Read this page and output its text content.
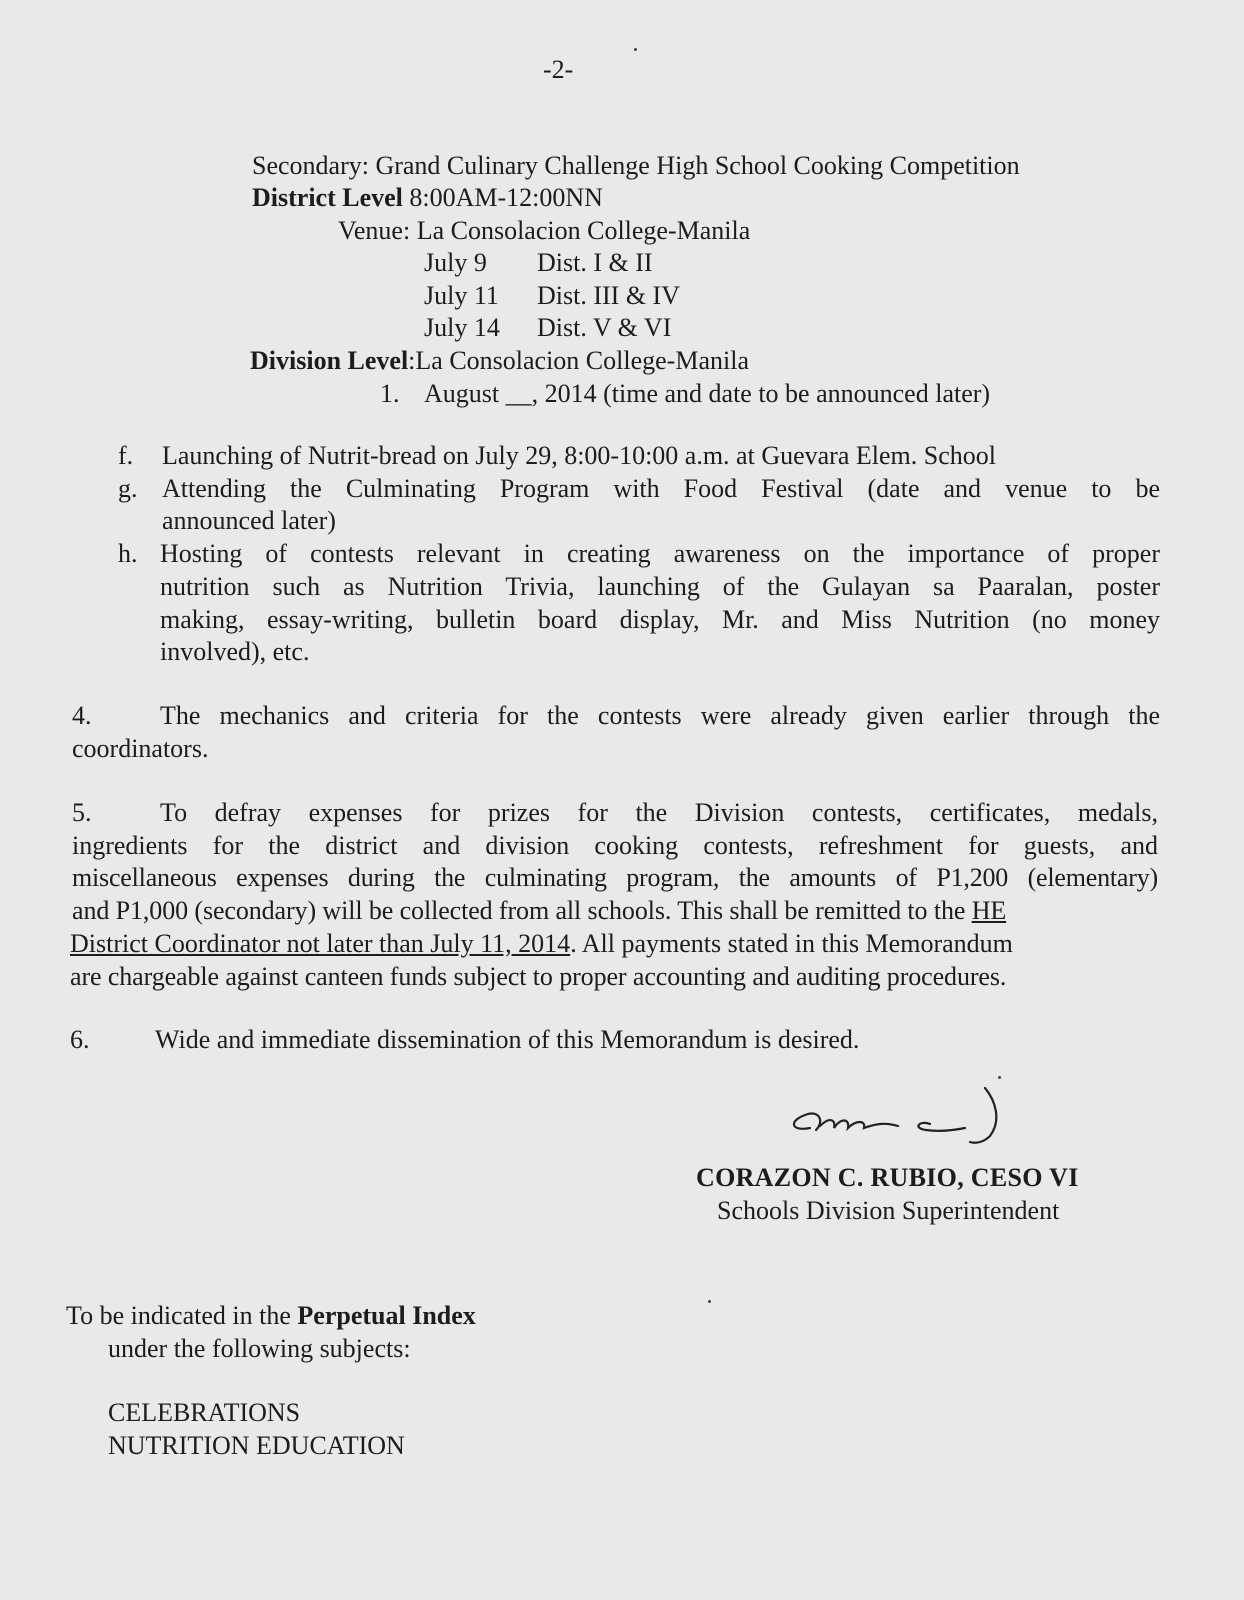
-2-
Secondary: Grand Culinary Challenge High School Cooking Competition
District Level 8:00AM-12:00NN
Venue: La Consolacion College-Manila
July 9 Dist. I & II
July 11 Dist. III & IV
July 14 Dist. V & VI
Division Level:La Consolacion College-Manila
1. August __, 2014 (time and date to be announced later)
f. Launching of Nutrit-bread on July 29, 8:00-10:00 a.m. at Guevara Elem. School
g. Attending the Culminating Program with Food Festival (date and venue to be
announced later)
h. Hosting of contests relevant in creating awareness on the importance of proper
nutrition such as Nutrition Trivia, launching of the Gulayan sa Paaralan, poster
making, essay-writing, bulletin board display, Mr. and Miss Nutrition (no money
involved), etc.
4.	The mechanics and criteria for the contests were already given earlier through the
coordinators.
5.	To defray expenses for prizes for the Division contests, certificates, medals,
ingredients for the district and division cooking contests, refreshment for guests, and
miscellaneous expenses during the culminating program, the amounts of P1,200 (elementary)
and P1,000 (secondary) will be collected from all schools. This shall be remitted to the HE
District Coordinator not later than July 11, 2014. All payments stated in this Memorandum
are chargeable against canteen funds subject to proper accounting and auditing procedures.
6.	Wide and immediate dissemination of this Memorandum is desired.
CORAZON C. RUBIO, CESO VI
Schools Division Superintendent
To be indicated in the Perpetual Index
under the following subjects:
CELEBRATIONS
NUTRITION EDUCATION
